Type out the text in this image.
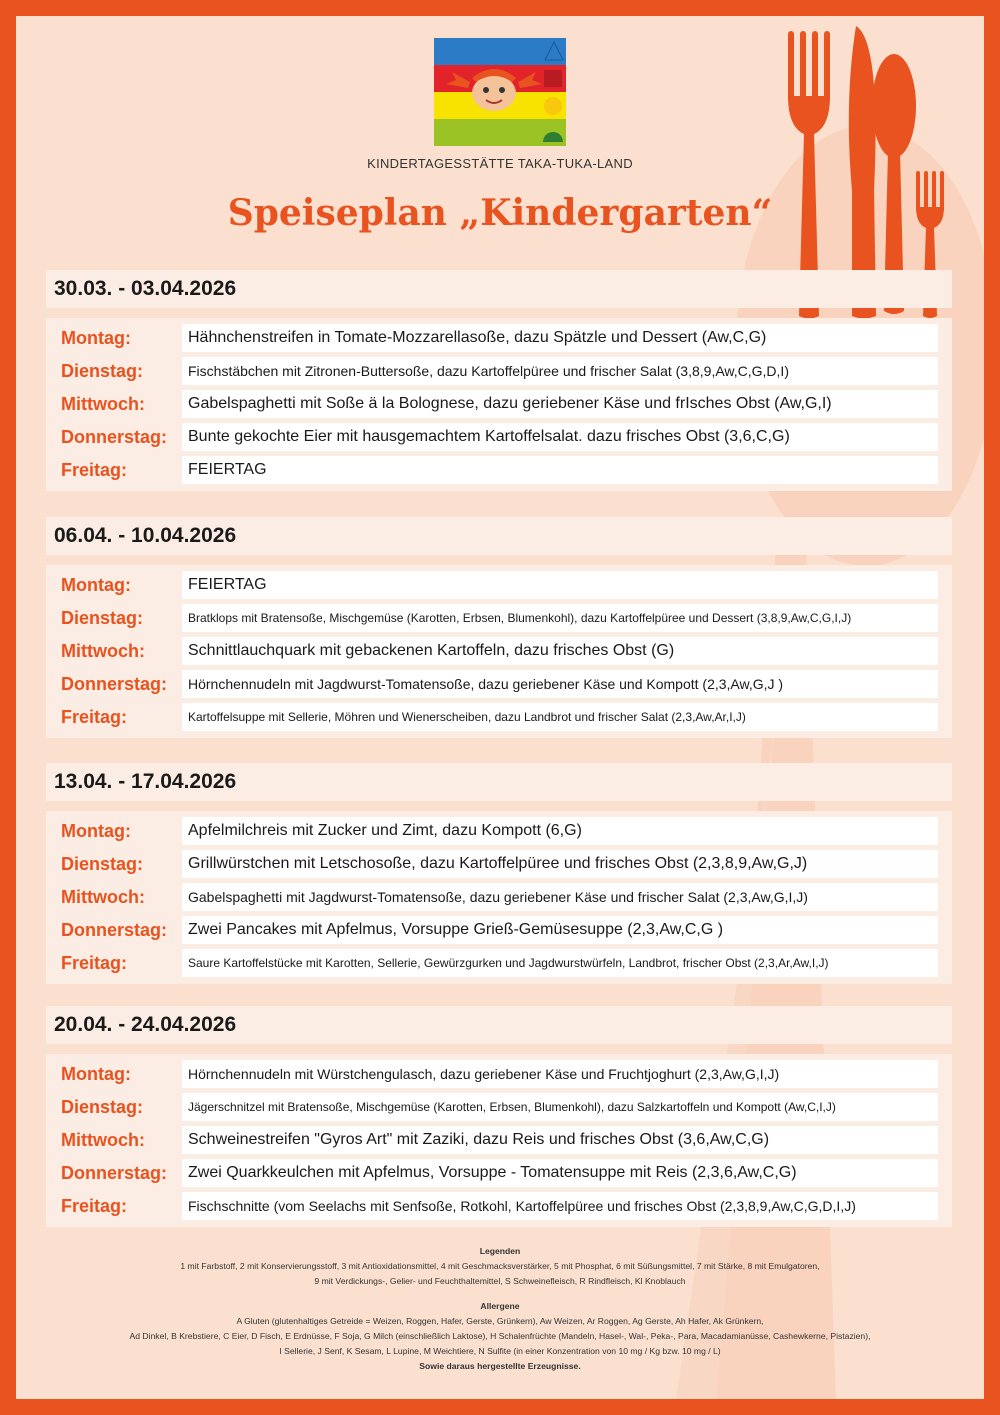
KINDERTAGESSTÄTTE TAKA-TUKA-LAND
Speiseplan „Kindergarten“
30.03. - 03.04.2026
Montag:	Hähnchenstreifen in Tomate-Mozzarellasoße, dazu Spätzle und Dessert (Aw,C,G)
Dienstag:	Fischstäbchen mit Zitronen-Buttersoße, dazu Kartoffelpüree und frischer Salat (3,8,9,Aw,C,G,D,I)
Mittwoch:	Gabelspaghetti mit Soße ä la Bolognese, dazu geriebener Käse und frIsches Obst (Aw,G,I)
Donnerstag:	Bunte gekochte Eier mit hausgemachtem Kartoffelsalat. dazu frisches Obst (3,6,C,G)
Freitag:	FEIERTAG
06.04. - 10.04.2026
Montag:	FEIERTAG
Dienstag:	Bratklops mit Bratensoße, Mischgemüse (Karotten, Erbsen, Blumenkohl), dazu Kartoffelpüree und Dessert (3,8,9,Aw,C,G,I,J)
Mittwoch:	Schnittlauchquark mit gebackenen Kartoffeln, dazu frisches Obst (G)
Donnerstag:	Hörnchennudeln mit Jagdwurst-Tomatensoße, dazu geriebener Käse und Kompott (2,3,Aw,G,J )
Freitag:	Kartoffelsuppe mit Sellerie, Möhren und Wienerscheiben, dazu Landbrot und frischer Salat (2,3,Aw,Ar,I,J)
13.04. - 17.04.2026
Montag:	Apfelmilchreis mit Zucker und Zimt, dazu Kompott (6,G)
Dienstag:	Grillwürstchen mit Letschosoße, dazu Kartoffelpüree und frisches Obst (2,3,8,9,Aw,G,J)
Mittwoch:	Gabelspaghetti mit Jagdwurst-Tomatensoße, dazu geriebener Käse und frischer Salat (2,3,Aw,G,I,J)
Donnerstag:	Zwei Pancakes mit Apfelmus, Vorsuppe Grieß-Gemüsesuppe (2,3,Aw,C,G )
Freitag:	Saure Kartoffelstücke mit Karotten, Sellerie, Gewürzgurken und Jagdwurstwürfeln, Landbrot, frischer Obst (2,3,Ar,Aw,I,J)
20.04. - 24.04.2026
Montag:	Hörnchennudeln mit Würstchengulasch, dazu geriebener Käse und Fruchtjoghurt (2,3,Aw,G,I,J)
Dienstag:	Jägerschnitzel mit Bratensoße, Mischgemüse (Karotten, Erbsen, Blumenkohl), dazu Salzkartoffeln und Kompott (Aw,C,I,J)
Mittwoch:	Schweinestreifen "Gyros Art" mit Zaziki, dazu Reis und frisches Obst (3,6,Aw,C,G)
Donnerstag:	Zwei Quarkkeulchen mit Apfelmus, Vorsuppe - Tomatensuppe mit Reis (2,3,6,Aw,C,G)
Freitag:	Fischschnitte (vom Seelachs mit Senfsoße, Rotkohl, Kartoffelpüree und frisches Obst (2,3,8,9,Aw,C,G,D,I,J)
Legenden
1 mit Farbstoff, 2 mit Konservierungsstoff, 3 mit Antioxidationsmittel, 4 mit Geschmacksverstärker, 5 mit Phosphat, 6 mit Süßungsmittel, 7 mit Stärke, 8 mit Emulgatoren,
9 mit Verdickungs-, Gelier- und Feuchthaltemittel, S Schweinefleisch, R Rindfleisch, Kl Knoblauch
Allergene
A Gluten (glutenhaltiges Getreide = Weizen, Roggen, Hafer, Gerste, Grünkern), Aw Weizen, Ar Roggen, Ag Gerste, Ah Hafer, Ak Grünkern,
Ad Dinkel, B Krebstiere, C Eier, D Fisch, E Erdnüsse, F Soja, G Milch (einschließlich Laktose), H Schalenfrüchte (Mandeln, Hasel-, Wal-, Peka-, Para, Macadamianüsse, Cashewkerne, Pistazien),
I Sellerie, J Senf, K Sesam, L Lupine, M Weichtiere, N Sulfite (in einer Konzentration von 10 mg / Kg bzw. 10 mg / L)
Sowie daraus hergestellte Erzeugnisse.
